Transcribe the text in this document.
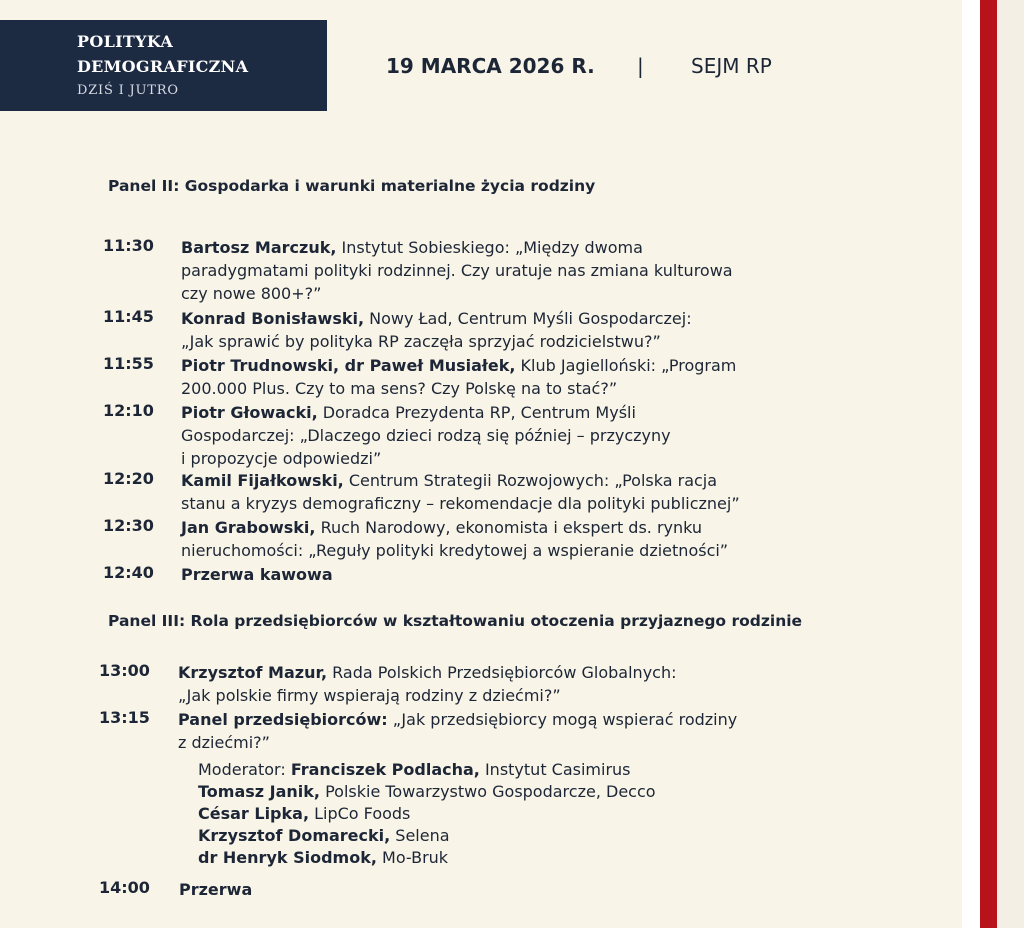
POLITYKA
DEMOGRAFICZNA
DZIŚ I JUTRO
19 MARCA 2026 R. | SEJM RP
Panel II: Gospodarka i warunki materialne życia rodziny
11:30 Bartosz Marczuk, Instytut Sobieskiego: „Między dwoma
paradygmatami polityki rodzinnej. Czy uratuje nas zmiana kulturowa
czy nowe 800+?”
11:45 Konrad Bonisławski, Nowy Ład, Centrum Myśli Gospodarczej:
„Jak sprawić by polityka RP zaczęła sprzyjać rodzicielstwu?”
11:55 Piotr Trudnowski, dr Paweł Musiałek, Klub Jagielloński: „Program
200.000 Plus. Czy to ma sens? Czy Polskę na to stać?”
12:10 Piotr Głowacki, Doradca Prezydenta RP, Centrum Myśli
Gospodarczej: „Dlaczego dzieci rodzą się później – przyczyny
i propozycje odpowiedzi”
12:20 Kamil Fijałkowski, Centrum Strategii Rozwojowych: „Polska racja
stanu a kryzys demograficzny – rekomendacje dla polityki publicznej”
12:30 Jan Grabowski, Ruch Narodowy, ekonomista i ekspert ds. rynku
nieruchomości: „Reguły polityki kredytowej a wspieranie dzietności”
12:40 Przerwa kawowa
Panel III: Rola przedsiębiorców w kształtowaniu otoczenia przyjaznego rodzinie
13:00 Krzysztof Mazur, Rada Polskich Przedsiębiorców Globalnych:
„Jak polskie firmy wspierają rodziny z dziećmi?”
13:15 Panel przedsiębiorców: „Jak przedsiębiorcy mogą wspierać rodziny
z dziećmi?”
Moderator: Franciszek Podlacha, Instytut Casimirus
Tomasz Janik, Polskie Towarzystwo Gospodarcze, Decco
César Lipka, LipCo Foods
Krzysztof Domarecki, Selena
dr Henryk Siodmok, Mo-Bruk
14:00 Przerwa
